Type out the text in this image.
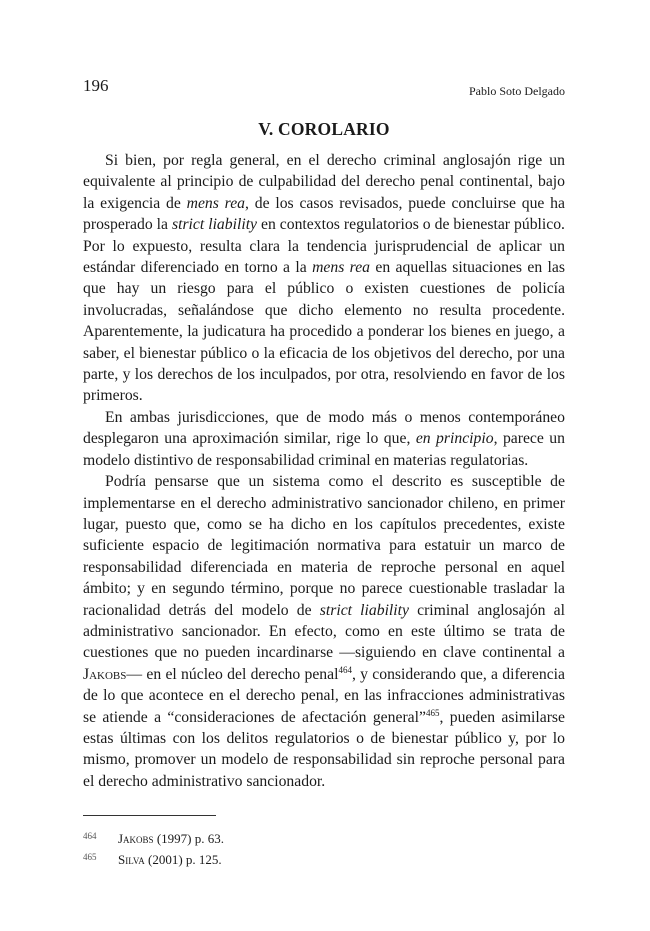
196	Pablo Soto Delgado
V. COROLARIO

Si bien, por regla general, en el derecho criminal anglosajón rige un equivalente al principio de culpabilidad del derecho penal continental, bajo la exigencia de mens rea, de los casos revisados, puede concluirse que ha prosperado la strict liability en contextos regulatorios o de bienestar público. Por lo expuesto, resulta clara la tendencia jurisprudencial de aplicar un estándar diferenciado en torno a la mens rea en aquellas situaciones en las que hay un riesgo para el público o existen cuestiones de policía involucradas, señalándose que dicho elemento no resulta procedente. Aparentemente, la judicatura ha procedido a ponderar los bienes en juego, a saber, el bienestar público o la eficacia de los objetivos del derecho, por una parte, y los derechos de los inculpados, por otra, resolviendo en favor de los primeros.

En ambas jurisdicciones, que de modo más o menos contemporáneo desplegaron una aproximación similar, rige lo que, en principio, parece un modelo distintivo de responsabilidad criminal en materias regulatorias.

Podría pensarse que un sistema como el descrito es susceptible de implementarse en el derecho administrativo sancionador chileno, en primer lugar, puesto que, como se ha dicho en los capítulos precedentes, existe suficiente espacio de legitimación normativa para estatuir un marco de responsabilidad diferenciada en materia de reproche personal en aquel ámbito; y en segundo término, porque no parece cuestionable trasladar la racionalidad detrás del modelo de strict liability criminal anglosajón al administrativo sancionador. En efecto, como en este último se trata de cuestiones que no pueden incardinarse —siguiendo en clave continental a Jakobs— en el núcleo del derecho penal$^{464}$, y considerando que, a diferencia de lo que acontece en el derecho penal, en las infracciones administrativas se atiende a “consideraciones de afectación general”$^{465}$, pueden asimilarse estas últimas con los delitos regulatorios o de bienestar público y, por lo mismo, promover un modelo de responsabilidad sin reproche personal para el derecho administrativo sancionador.

464 Jakobs (1997) p. 63.
465 Silva (2001) p. 125.
